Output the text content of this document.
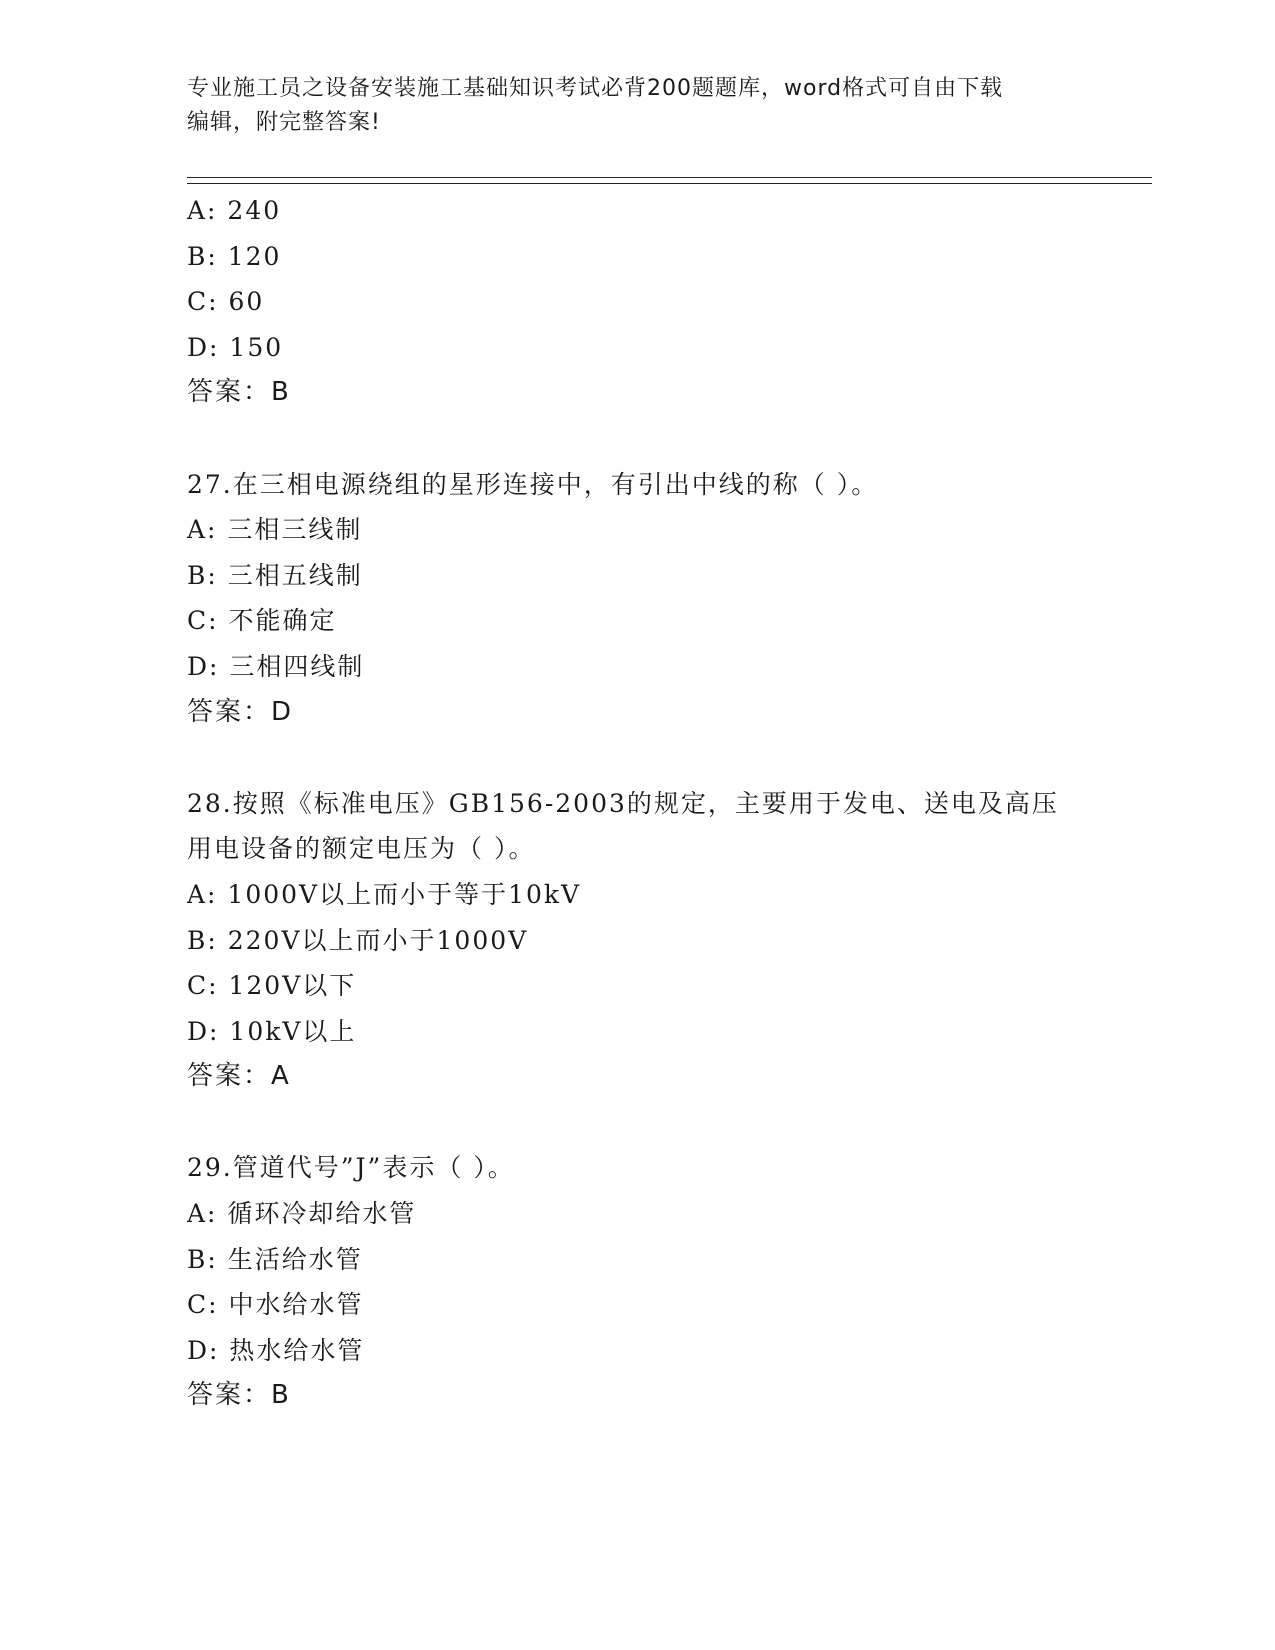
专业施工员之设备安装施工基础知识考试必背200题题库，word格式可自由下载
编辑，附完整答案!
A: 240
B: 120
C: 60
D: 150
答案：B
27.在三相电源绕组的星形连接中，有引出中线的称（ ）。
A: 三相三线制
B: 三相五线制
C: 不能确定
D: 三相四线制
答案：D
28.按照《标准电压》GB156-2003的规定，主要用于发电、送电及高压
用电设备的额定电压为（ ）。
A: 1000V以上而小于等于10kV
B: 220V以上而小于1000V
C: 120V以下
D: 10kV以上
答案：A
29.管道代号”J”表示（ ）。
A: 循环冷却给水管
B: 生活给水管
C: 中水给水管
D: 热水给水管
答案：B
